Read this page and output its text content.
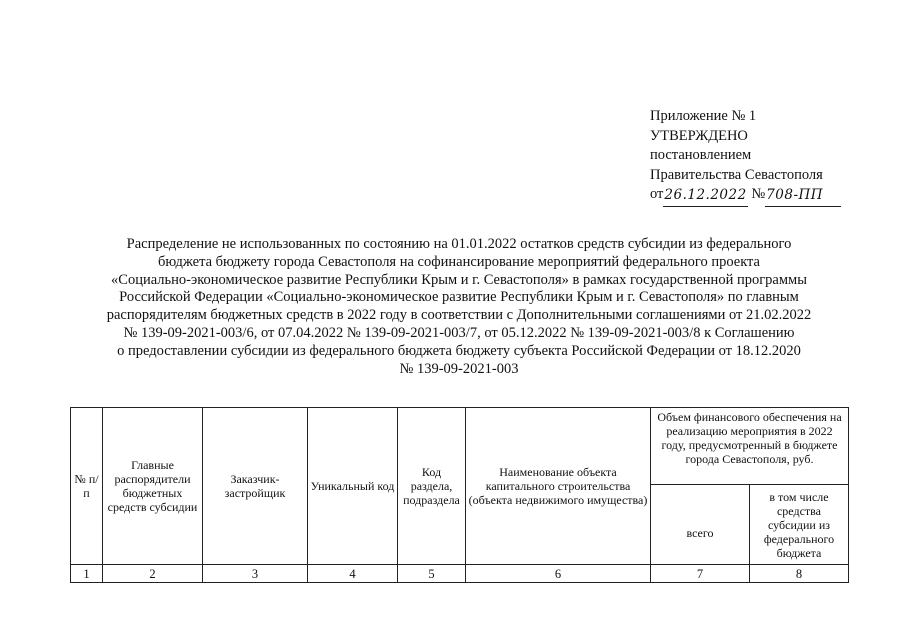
Приложение № 1
УТВЕРЖДЕНО
постановлением
Правительства Севастополя
от26.12.2022 №708-ПП
Распределение не использованных по состоянию на 01.01.2022 остатков средств субсидии из федерального
бюджета бюджету города Севастополя на софинансирование мероприятий федерального проекта
«Социально-экономическое развитие Республики Крым и г. Севастополя» в рамках государственной программы
Российской Федерации «Социально-экономическое развитие Республики Крым и г. Севастополя» по главным
распорядителям бюджетных средств в 2022 году в соответствии с Дополнительными соглашениями от 21.02.2022
№ 139-09-2021-003/6, от 07.04.2022 № 139-09-2021-003/7, от 05.12.2022 № 139-09-2021-003/8 к Соглашению
о предоставлении субсидии из федерального бюджета бюджету субъекта Российской Федерации от 18.12.2020
№ 139-09-2021-003
№ п/п	Главные распорядители бюджетных средств субсидии	Заказчик-застройщик	Уникальный код	Код раздела, подраздела	Наименование объекта капитального строительства (объекта недвижимого имущества)	Объем финансового обеспечения на реализацию мероприятия в 2022 году, предусмотренный в бюджете города Севастополя, руб.	
						всего	в том числе средства субсидии из федерального бюджета
1	2	3	4	5	6	7	8
